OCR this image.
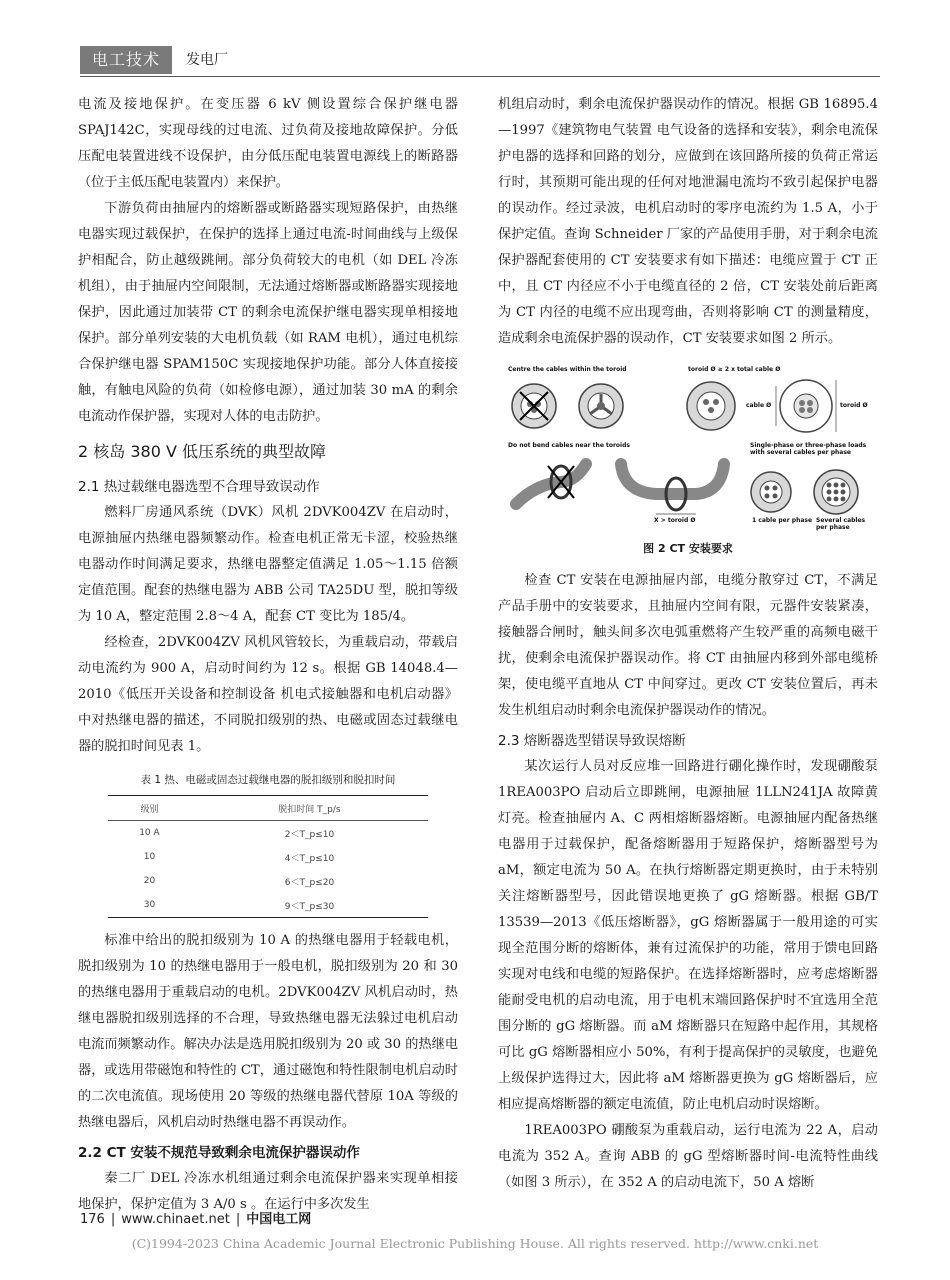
电工技术	发电厂

电流及接地保护。在变压器 6 kV 侧设置综合保护继电器 SPAJ142C，实现母线的过电流、过负荷及接地故障保护。分低压配电装置进线不设保护，由分低压配电装置电源线上的断路器（位于主低压配电装置内）来保护。

下游负荷由抽屉内的熔断器或断路器实现短路保护，由热继电器实现过载保护，在保护的选择上通过电流-时间曲线与上级保护相配合，防止越级跳闸。部分负荷较大的电机（如 DEL 冷冻机组），由于抽屉内空间限制，无法通过熔断器或断路器实现接地保护，因此通过加装带 CT 的剩余电流保护继电器实现单相接地保护。部分单列安装的大电机负载（如 RAM 电机），通过电机综合保护继电器 SPAM150C 实现接地保护功能。部分人体直接接触，有触电风险的负荷（如检修电源），通过加装 30 mA 的剩余电流动作保护器，实现对人体的电击防护。

2 核岛 380 V 低压系统的典型故障
2.1 热过载继电器选型不合理导致误动作

燃料厂房通风系统（DVK）风机 2DVK004ZV 在启动时，电源抽屉内热继电器频繁动作。检查电机正常无卡涩，校验热继电器动作时间满足要求，热继电器整定值满足 1.05～1.15 倍额定值范围。配套的热继电器为 ABB 公司 TA25DU 型，脱扣等级为 10 A，整定范围 2.8～4 A，配套 CT 变比为 185/4。

经检查，2DVK004ZV 风机风管较长，为重载启动，带载启动电流约为 900 A，启动时间约为 12 s。根据 GB 14048.4—2010《低压开关设备和控制设备 机电式接触器和电机启动器》中对热继电器的描述，不同脱扣级别的热、电磁或固态过载继电器的脱扣时间见表 1。

表 1 热、电磁或固态过载继电器的脱扣级别和脱扣时间
级别	脱扣时间 T_p/s
10 A	2＜T_p≤10
10	4＜T_p≤10
20	6＜T_p≤20
30	9＜T_p≤30

标准中给出的脱扣级别为 10 A 的热继电器用于轻载电机，脱扣级别为 10 的热继电器用于一般电机，脱扣级别为 20 和 30 的热继电器用于重载启动的电机。2DVK004ZV 风机启动时，热继电器脱扣级别选择的不合理，导致热继电器无法躲过电机启动电流而频繁动作。解决办法是选用脱扣级别为 20 或 30 的热继电器，或选用带磁饱和特性的 CT，通过磁饱和特性限制电机启动时的二次电流值。现场使用 20 等级的热继电器代替原 10A 等级的热继电器后，风机启动时热继电器不再误动作。

2.2 CT 安装不规范导致剩余电流保护器误动作

秦二厂 DEL 冷冻水机组通过剩余电流保护器来实现单相接地保护，保护定值为 3 A/0 s 。在运行中多次发生

机组启动时，剩余电流保护器误动作的情况。根据 GB 16895.4—1997《建筑物电气装置 电气设备的选择和安装》，剩余电流保护电器的选择和回路的划分，应做到在该回路所接的负荷正常运行时，其预期可能出现的任何对地泄漏电流均不致引起保护电器的误动作。经过录波，电机启动时的零序电流约为 1.5 A，小于保护定值。查询 Schneider 厂家的产品使用手册，对于剩余电流保护器配套使用的 CT 安装要求有如下描述：电缆应置于 CT 正中，且 CT 内径应不小于电缆直径的 2 倍，CT 安装处前后距离为 CT 内径的电缆不应出现弯曲，否则将影响 CT 的测量精度，造成剩余电流保护器的误动作，CT 安装要求如图 2 所示。

Centre the cables within the toroid	toroid Ø ≥ 2 x total cable Ø
cable Ø	toroid Ø
Do not bend cables near the toroids	Single-phase or three-phase loads with several cables per phase
X > toroid Ø	1 cable per phase Several cables per phase
图 2 CT 安装要求

检查 CT 安装在电源抽屉内部，电缆分散穿过 CT，不满足产品手册中的安装要求，且抽屉内空间有限，元器件安装紧凑，接触器合闸时，触头间多次电弧重燃将产生较严重的高频电磁干扰，使剩余电流保护器误动作。将 CT 由抽屉内移到外部电缆桥架，使电缆平直地从 CT 中间穿过。更改 CT 安装位置后，再未发生机组启动时剩余电流保护器误动作的情况。

2.3 熔断器选型错误导致误熔断

某次运行人员对反应堆一回路进行硼化操作时，发现硼酸泵 1REA003PO 启动后立即跳闸，电源抽屉 1LLN241JA 故障黄灯亮。检查抽屉内 A、C 两相熔断器熔断。电源抽屉内配备热继电器用于过载保护，配备熔断器用于短路保护，熔断器型号为 aM，额定电流为 50 A。在执行熔断器定期更换时，由于未特别关注熔断器型号，因此错误地更换了 gG 熔断器。根据 GB/T 13539—2013《低压熔断器》，gG 熔断器属于一般用途的可实现全范围分断的熔断体，兼有过流保护的功能，常用于馈电回路实现对电线和电缆的短路保护。在选择熔断器时，应考虑熔断器能耐受电机的启动电流，用于电机末端回路保护时不宜选用全范围分断的 gG 熔断器。而 aM 熔断器只在短路中起作用，其规格可比 gG 熔断器相应小 50%，有利于提高保护的灵敏度，也避免上级保护选得过大，因此将 aM 熔断器更换为 gG 熔断器后，应相应提高熔断器的额定电流值，防止电机启动时误熔断。

1REA003PO 硼酸泵为重载启动，运行电流为 22 A，启动电流为 352 A。查询 ABB 的 gG 型熔断器时间-电流特性曲线（如图 3 所示），在 352 A 的启动电流下，50 A 熔断

176 | www.chinaet.net | 中国电工网
(C)1994-2023 China Academic Journal Electronic Publishing House. All rights reserved. http://www.cnki.net
